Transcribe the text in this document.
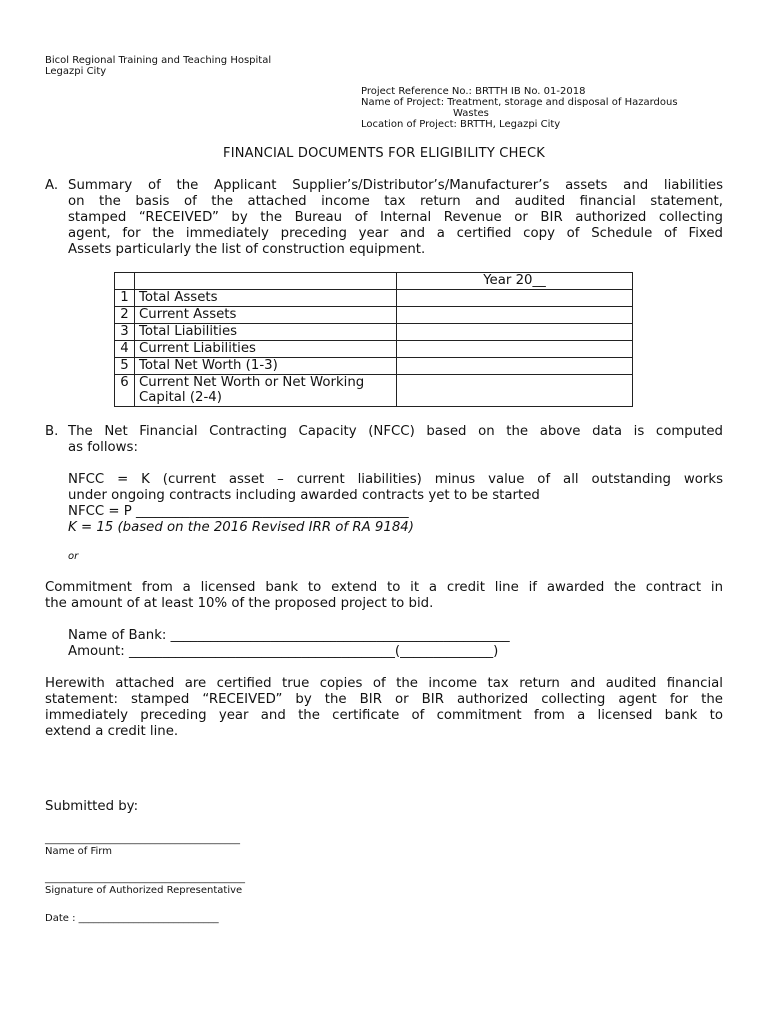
Bicol Regional Training and Teaching Hospital
Legazpi City
Project Reference No.: BRTTH IB No. 01-2018
Name of Project: Treatment, storage and disposal of Hazardous
Wastes
Location of Project: BRTTH, Legazpi City
FINANCIAL DOCUMENTS FOR ELIGIBILITY CHECK
A. Summary of the Applicant Supplier’s/Distributor’s/Manufacturer’s assets and liabilities
on the basis of the attached income tax return and audited financial statement,
stamped “RECEIVED” by the Bureau of Internal Revenue or BIR authorized collecting
agent, for the immediately preceding year and a certified copy of Schedule of Fixed
Assets particularly the list of construction equipment.
		Year 20__
1	Total Assets	
2	Current Assets	
3	Total Liabilities	
4	Current Liabilities	
5	Total Net Worth (1-3)	
6	Current Net Worth or Net Working
Capital (2-4)	

B. The Net Financial Contracting Capacity (NFCC) based on the above data is computed
as follows:
NFCC = K (current asset – current liabilities) minus value of all outstanding works
under ongoing contracts including awarded contracts yet to be started
NFCC = P _________________________________________
K = 15 (based on the 2016 Revised IRR of RA 9184)
or
Commitment from a licensed bank to extend to it a credit line if awarded the contract in
the amount of at least 10% of the proposed project to bid.
Name of Bank: ___________________________________________________
Amount: ________________________________________(______________)
Herewith attached are certified true copies of the income tax return and audited financial
statement: stamped “RECEIVED” by the BIR or BIR authorized collecting agent for the
immediately preceding year and the certificate of commitment from a licensed bank to
extend a credit line.
Submitted by:
_______________________________________
Name of Firm
________________________________________
Signature of Authorized Representative
Date : ____________________________
